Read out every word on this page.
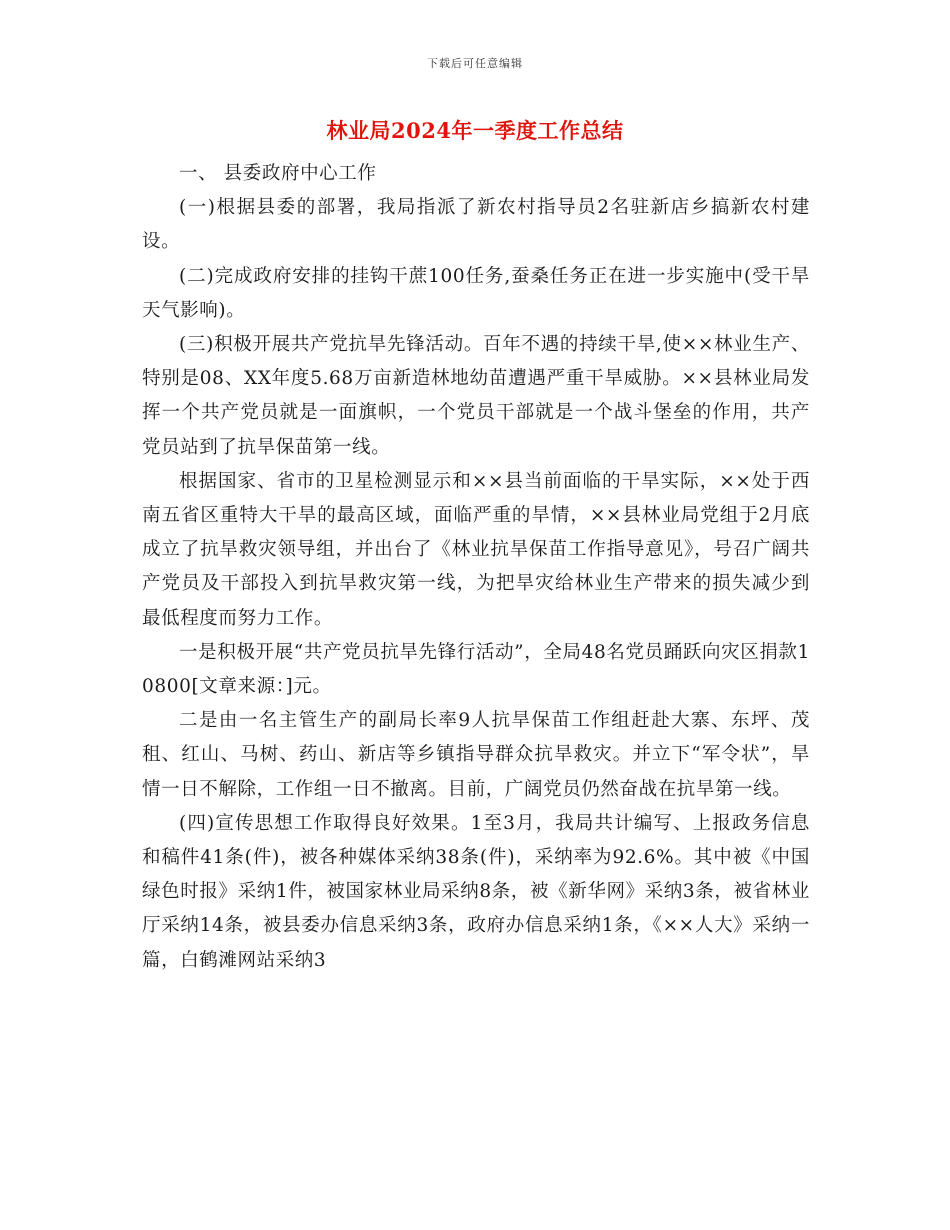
下载后可任意编辑
林业局2024年一季度工作总结

一、 县委政府中心工作

(一)根据县委的部署，我局指派了新农村指导员2名驻新店乡搞新农村建设。

(二)完成政府安排的挂钩干蔗100任务,蚕桑任务正在进一步实施中(受干旱天气影响)。

(三)积极开展共产党抗旱先锋活动。百年不遇的持续干旱,使××林业生产、特别是08、XX年度5.68万亩新造林地幼苗遭遇严重干旱威胁。××县林业局发挥一个共产党员就是一面旗帜，一个党员干部就是一个战斗堡垒的作用，共产党员站到了抗旱保苗第一线。

根据国家、省市的卫星检测显示和××县当前面临的干旱实际，××处于西南五省区重特大干旱的最高区域，面临严重的旱情，××县林业局党组于2月底成立了抗旱救灾领导组，并出台了《林业抗旱保苗工作指导意见》，号召广阔共产党员及干部投入到抗旱救灾第一线，为把旱灾给林业生产带来的损失减少到最低程度而努力工作。

一是积极开展“共产党员抗旱先锋行活动”，全局48名党员踊跃向灾区捐款10800[文章来源：]元。

二是由一名主管生产的副局长率9人抗旱保苗工作组赶赴大寨、东坪、茂租、红山、马树、药山、新店等乡镇指导群众抗旱救灾。并立下“军令状”，旱情一日不解除，工作组一日不撤离。目前，广阔党员仍然奋战在抗旱第一线。

(四)宣传思想工作取得良好效果。1至3月，我局共计编写、上报政务信息和稿件41条(件)，被各种媒体采纳38条(件)，采纳率为92.6%。其中被《中国绿色时报》采纳1件，被国家林业局采纳8条，被《新华网》采纳3条，被省林业厅采纳14条，被县委办信息采纳3条，政府办信息采纳1条，《××人大》采纳一篇，白鹤滩网站采纳3
